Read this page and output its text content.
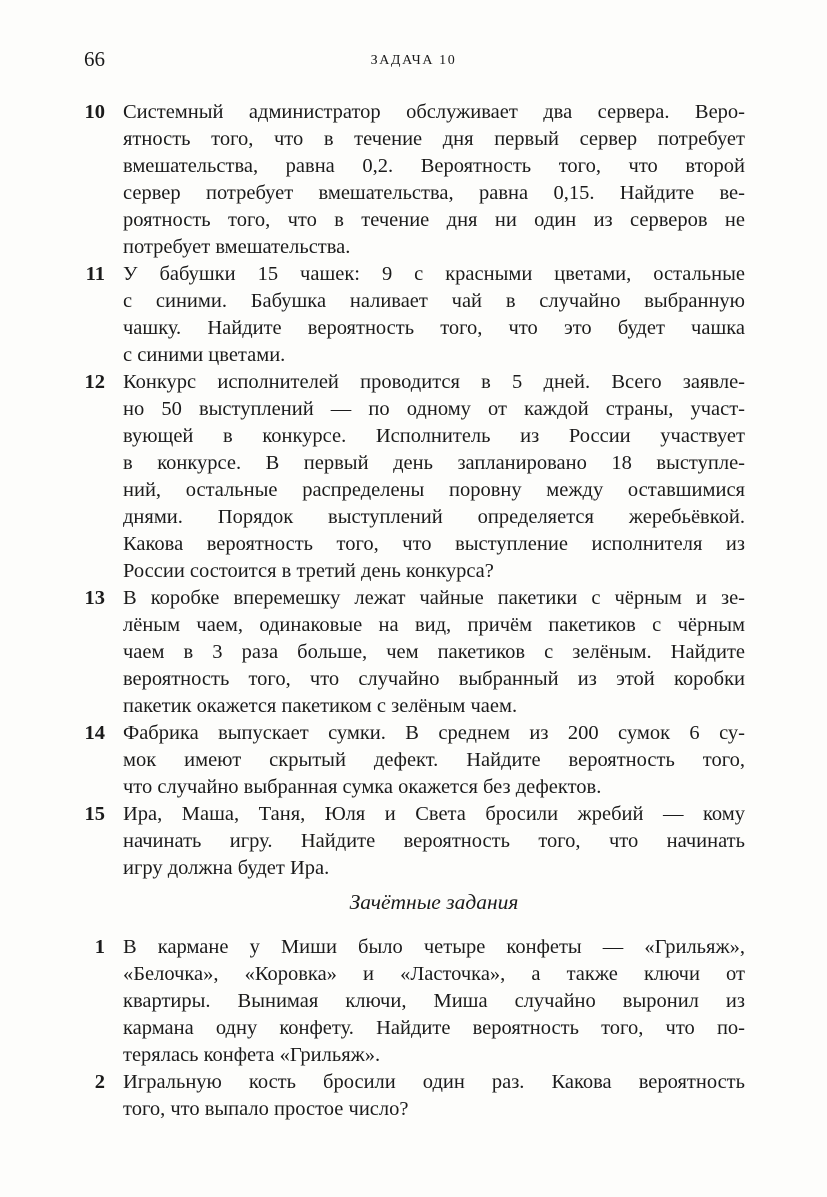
66	ЗАДАЧА 10
10 Системный администратор обслуживает два сервера. Веро-
ятность того, что в течение дня первый сервер потребует
вмешательства, равна 0,2. Вероятность того, что второй
сервер потребует вмешательства, равна 0,15. Найдите ве-
роятность того, что в течение дня ни один из серверов не
потребует вмешательства.
11 У бабушки 15 чашек: 9 с красными цветами, остальные
с синими. Бабушка наливает чай в случайно выбранную
чашку. Найдите вероятность того, что это будет чашка
с синими цветами.
12 Конкурс исполнителей проводится в 5 дней. Всего заявле-
но 50 выступлений — по одному от каждой страны, участ-
вующей в конкурсе. Исполнитель из России участвует
в конкурсе. В первый день запланировано 18 выступле-
ний, остальные распределены поровну между оставшимися
днями. Порядок выступлений определяется жеребьёвкой.
Какова вероятность того, что выступление исполнителя из
России состоится в третий день конкурса?
13 В коробке вперемешку лежат чайные пакетики с чёрным и зе-
лёным чаем, одинаковые на вид, причём пакетиков с чёрным
чаем в 3 раза больше, чем пакетиков с зелёным. Найдите
вероятность того, что случайно выбранный из этой коробки
пакетик окажется пакетиком с зелёным чаем.
14 Фабрика выпускает сумки. В среднем из 200 сумок 6 су-
мок имеют скрытый дефект. Найдите вероятность того,
что случайно выбранная сумка окажется без дефектов.
15 Ира, Маша, Таня, Юля и Света бросили жребий — кому
начинать игру. Найдите вероятность того, что начинать
игру должна будет Ира.
Зачётные задания
1 В кармане у Миши было четыре конфеты — «Грильяж»,
«Белочка», «Коровка» и «Ласточка», а также ключи от
квартиры. Вынимая ключи, Миша случайно выронил из
кармана одну конфету. Найдите вероятность того, что по-
терялась конфета «Грильяж».
2 Игральную кость бросили один раз. Какова вероятность
того, что выпало простое число?
